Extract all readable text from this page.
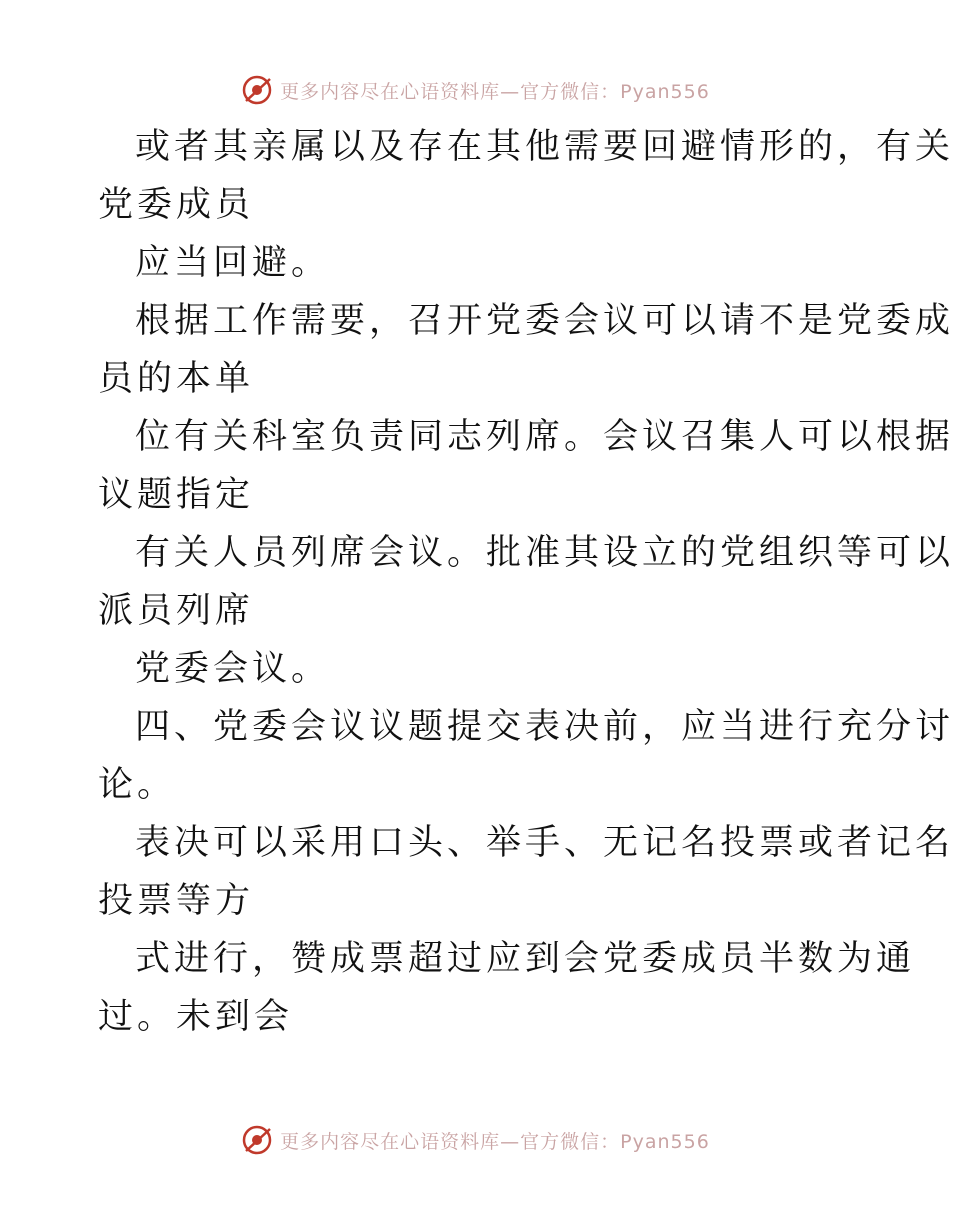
更多内容尽在心语资料库—官方微信：Pyan556
或者其亲属以及存在其他需要回避情形的，有关
党委成员
应当回避。
根据工作需要，召开党委会议可以请不是党委成
员的本单
位有关科室负责同志列席。会议召集人可以根据
议题指定
有关人员列席会议。批准其设立的党组织等可以
派员列席
党委会议。
四、党委会议议题提交表决前，应当进行充分讨
论。
表决可以采用口头、举手、无记名投票或者记名
投票等方
式进行，赞成票超过应到会党委成员半数为通
过。未到会
更多内容尽在心语资料库—官方微信：Pyan556
